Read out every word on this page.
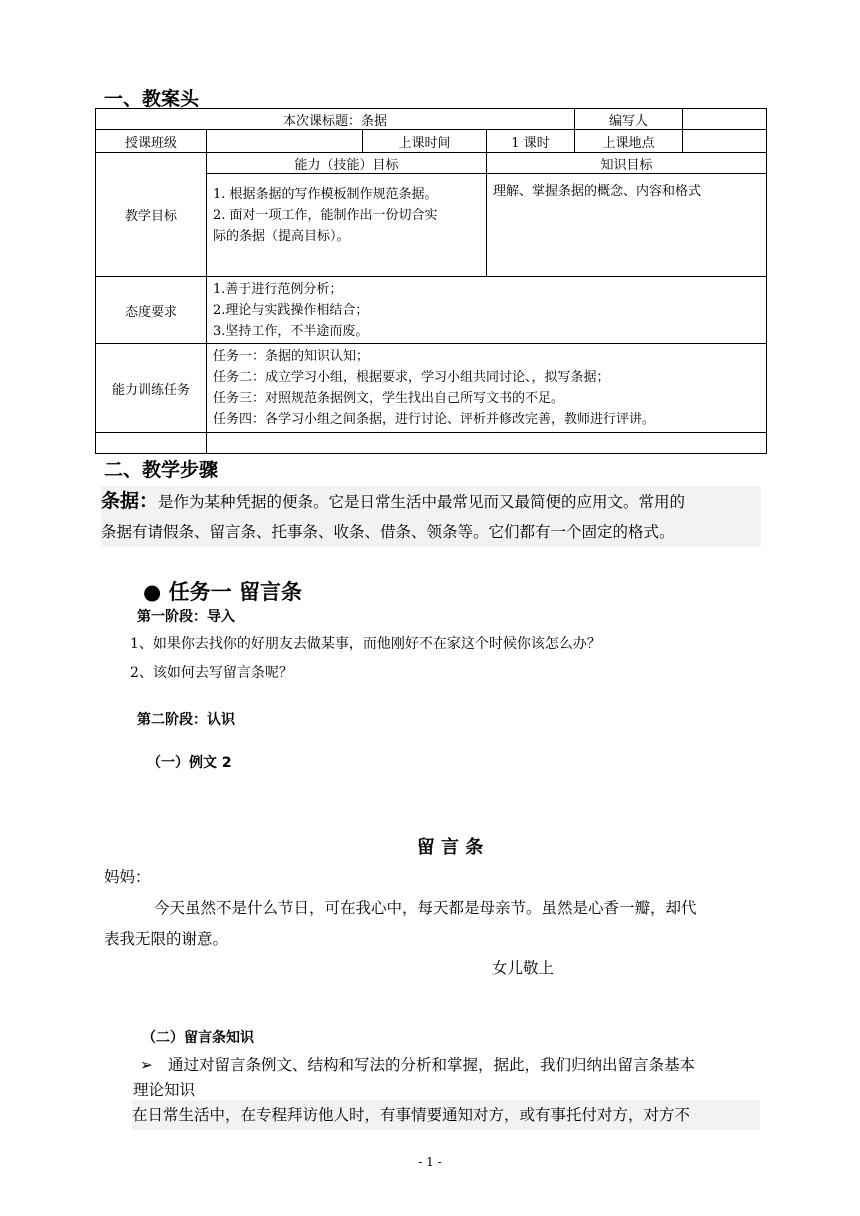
一、教案头
本次课标题：条据				编写人	
授课班级		上课时间	1 课时	上课地点	
教学目标	能力（技能）目标		知识目标		

	1. 根据条据的写作模板制作规范条据。
2. 面对一项工作，能制作出一份切合实
际的条据（提高目标）。		理解、掌握条据的概念、内容和格式		
态度要求	1.善于进行范例分析；
2.理论与实践操作相结合；
3.坚持工作，不半途而废。				

能力训练任务	任务一：条据的知识认知；
任务二：成立学习小组，根据要求，学习小组共同讨论、，拟写条据；
任务三：对照规范条据例文，学生找出自己所写文书的不足。
任务四：各学习小组之间条据，进行讨论、评析并修改完善，教师进行评讲。				

二、教学步骤
条据：是作为某种凭据的便条。它是日常生活中最常见而又最简便的应用文。常用的
条据有请假条、留言条、托事条、收条、借条、领条等。它们都有一个固定的格式。
● 任务一 留言条
第一阶段：导入
1、如果你去找你的好朋友去做某事，而他刚好不在家这个时候你该怎么办？
2、该如何去写留言条呢？
第二阶段：认识
（一）例文 2
留 言 条
妈妈：
今天虽然不是什么节日，可在我心中，每天都是母亲节。虽然是心香一瓣，却代
表我无限的谢意。
女儿敬上
（二）留言条知识
➢ 通过对留言条例文、结构和写法的分析和掌握，据此，我们归纳出留言条基本
理论知识
在日常生活中，在专程拜访他人时，有事情要通知对方，或有事托付对方，对方不
- 1 -
